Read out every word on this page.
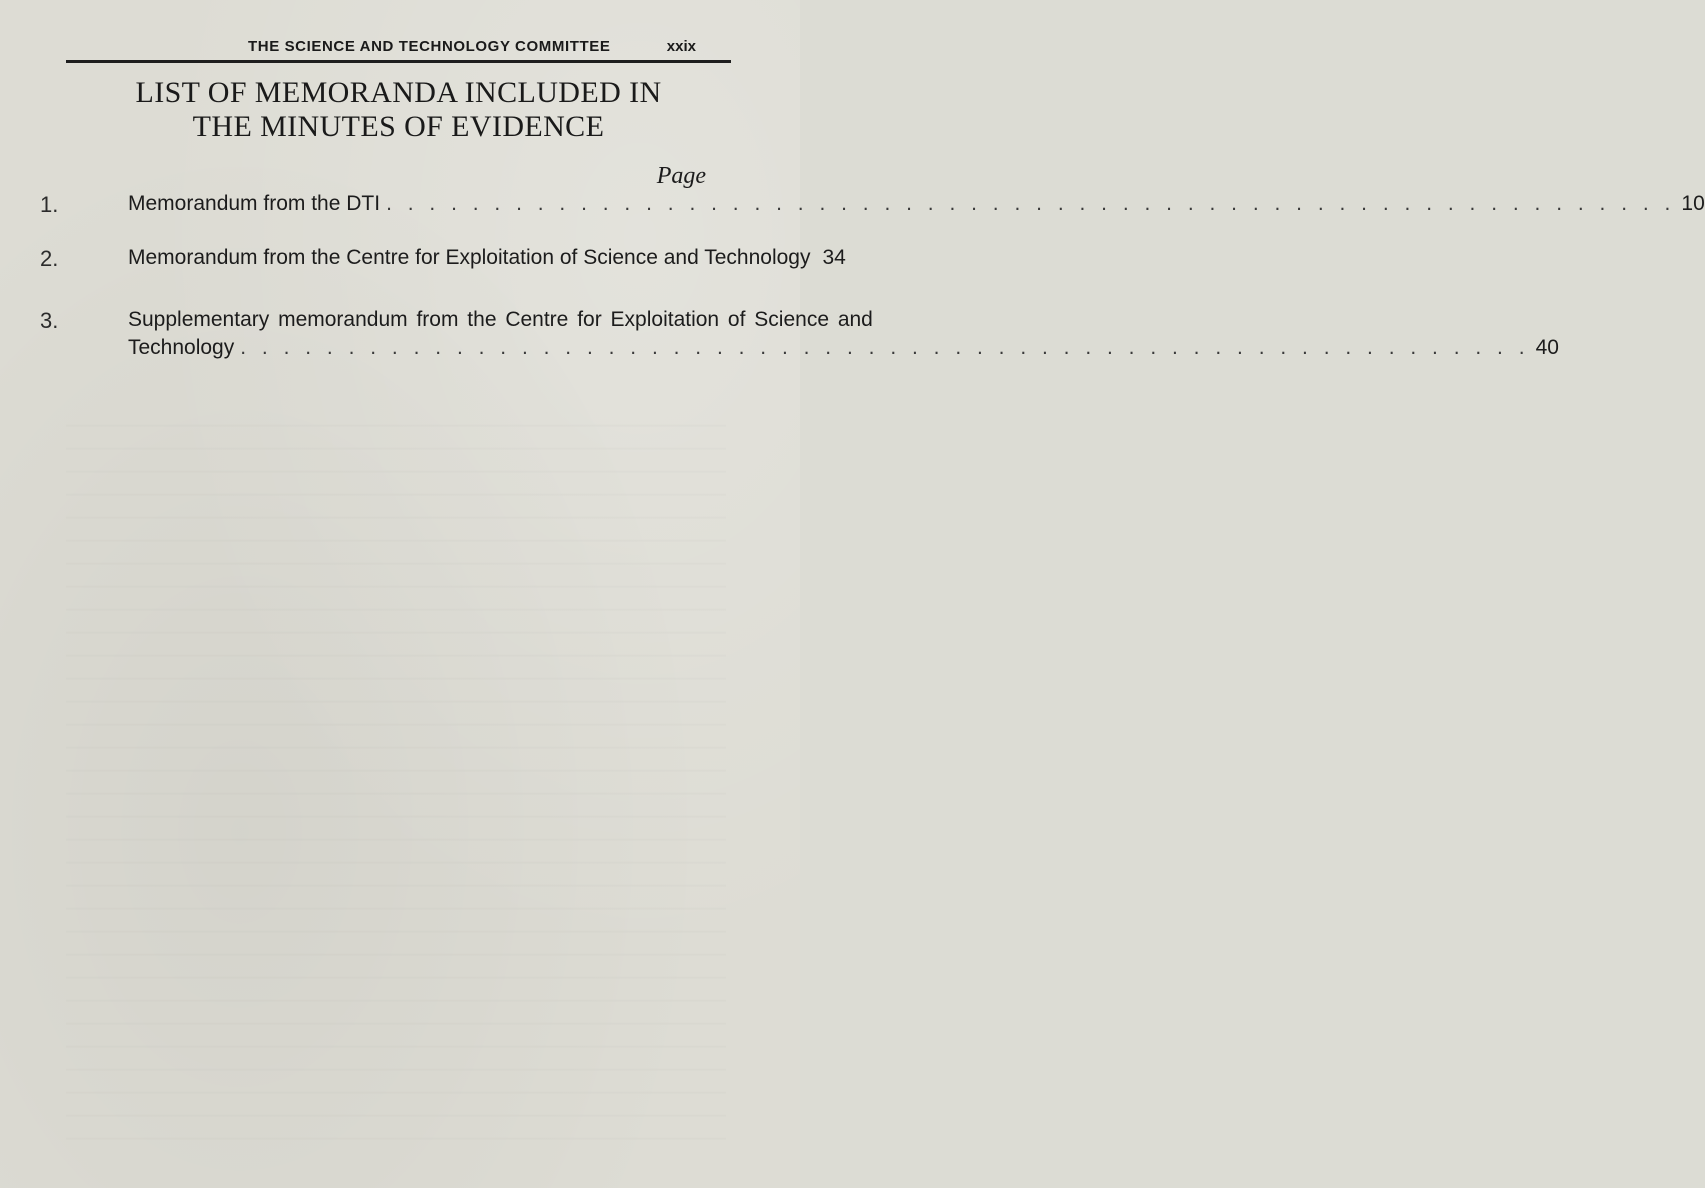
THE SCIENCE AND TECHNOLOGY COMMITTEE	xxix
LIST OF MEMORANDA INCLUDED IN
THE MINUTES OF EVIDENCE
Page
1.	Memorandum from the DTI . . . . . . . . . . . . . . . . . . . . . . . . . . . . . . . . . . . . . . . . . . . . . . . . . . . . . . . . . . . . 10
2.	Memorandum from the Centre for Exploitation of Science and Technology 34
3.	Supplementary memorandum from the Centre for Exploitation of Science and
Technology . . . . . . . . . . . . . . . . . . . . . . . . . . . . . . . . . . . . . . . . . . . . . . . . . . . . . . . . . . . . 40
